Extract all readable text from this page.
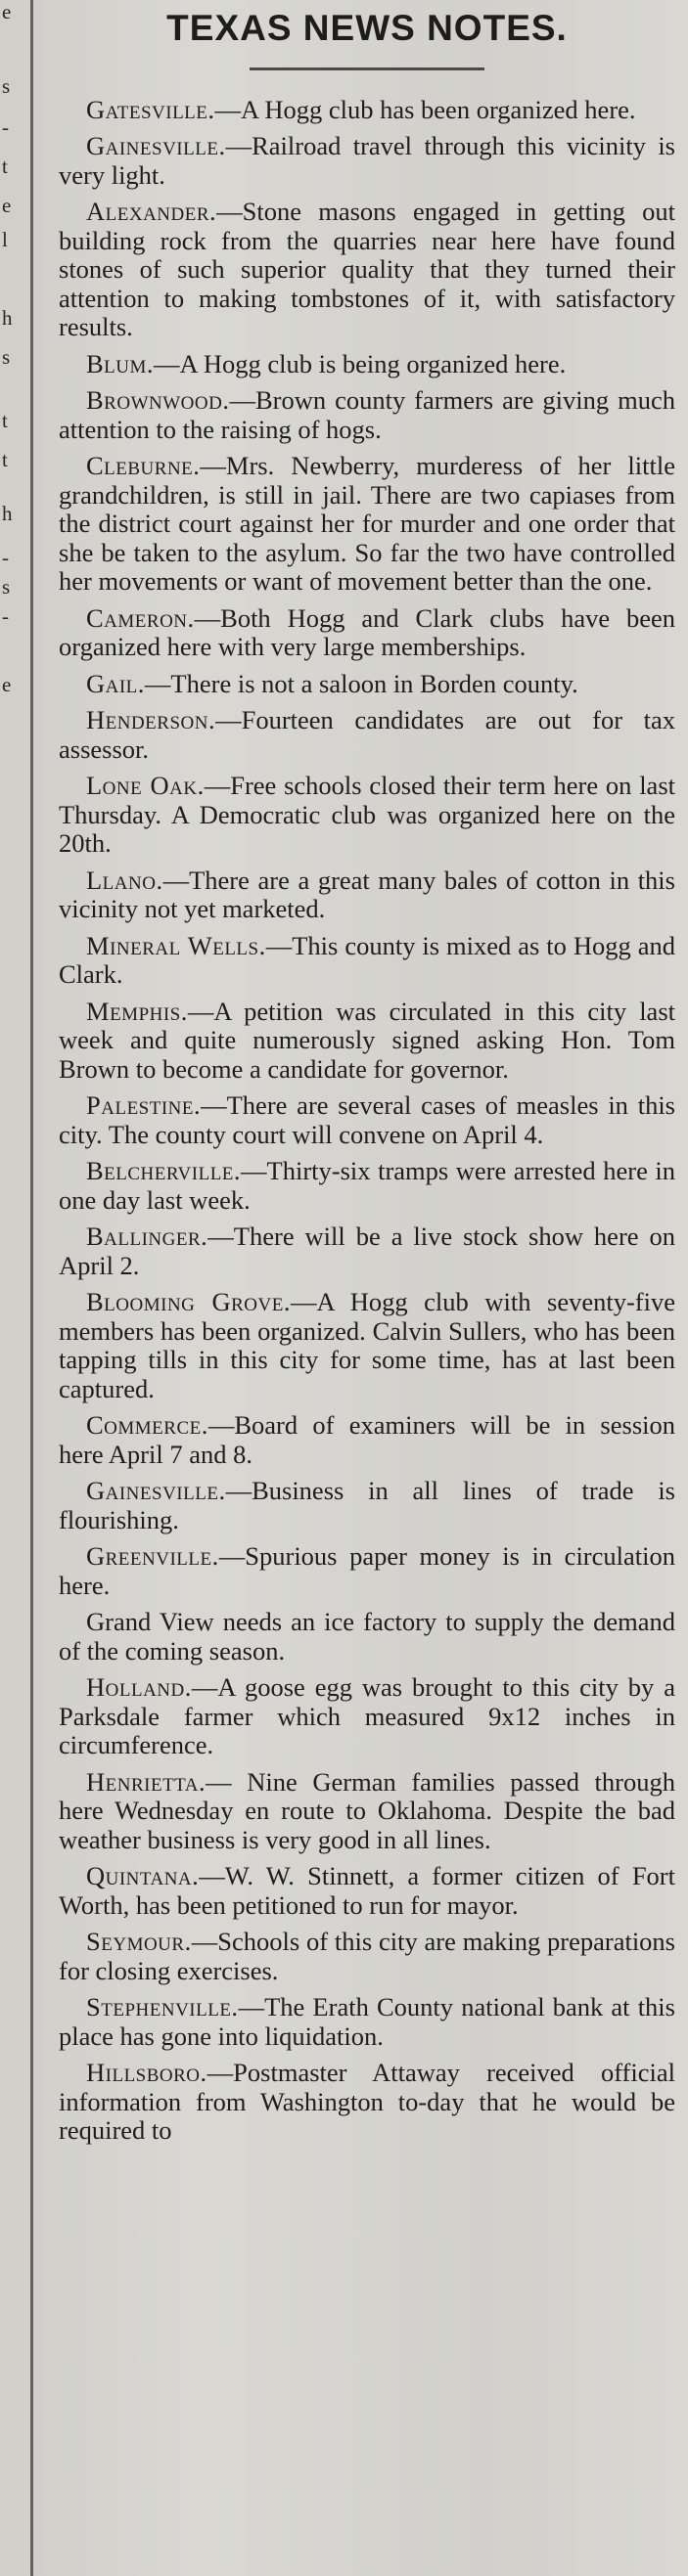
e
s
-
t
e
l
h
s
t
t
h
-
s
-
e
TEXAS NEWS NOTES.

Gatesville.—A Hogg club has been organized here.

Gainesville.—Railroad travel through this vicinity is very light.

Alexander.—Stone masons engaged in getting out building rock from the quarries near here have found stones of such superior quality that they turned their attention to making tombstones of it, with satisfactory results.

Blum.—A Hogg club is being organized here.

Brownwood.—Brown county farmers are giving much attention to the raising of hogs.

Cleburne.—Mrs. Newberry, murderess of her little grandchildren, is still in jail. There are two capiases from the district court against her for murder and one order that she be taken to the asylum. So far the two have controlled her movements or want of movement better than the one.

Cameron.—Both Hogg and Clark clubs have been organized here with very large memberships.

Gail.—There is not a saloon in Borden county.

Henderson.—Fourteen candidates are out for tax assessor.

Lone Oak.—Free schools closed their term here on last Thursday. A Democratic club was organized here on the 20th.

Llano.—There are a great many bales of cotton in this vicinity not yet marketed.

Mineral Wells.—This county is mixed as to Hogg and Clark.

Memphis.—A petition was circulated in this city last week and quite numerously signed asking Hon. Tom Brown to become a candidate for governor.

Palestine.—There are several cases of measles in this city. The county court will convene on April 4.

Belcherville.—Thirty-six tramps were arrested here in one day last week.

Ballinger.—There will be a live stock show here on April 2.

Blooming Grove.—A Hogg club with seventy-five members has been organized. Calvin Sullers, who has been tapping tills in this city for some time, has at last been captured.

Commerce.—Board of examiners will be in session here April 7 and 8.

Gainesville.—Business in all lines of trade is flourishing.

Greenville.—Spurious paper money is in circulation here.

Grand View needs an ice factory to supply the demand of the coming season.

Holland.—A goose egg was brought to this city by a Parksdale farmer which measured 9x12 inches in circumference.

Henrietta.— Nine German families passed through here Wednesday en route to Oklahoma. Despite the bad weather business is very good in all lines.

Quintana.—W. W. Stinnett, a former citizen of Fort Worth, has been petitioned to run for mayor.

Seymour.—Schools of this city are making preparations for closing exercises.

Stephenville.—The Erath County national bank at this place has gone into liquidation.

Hillsboro.—Postmaster Attaway received official information from Washington to-day that he would be required to
